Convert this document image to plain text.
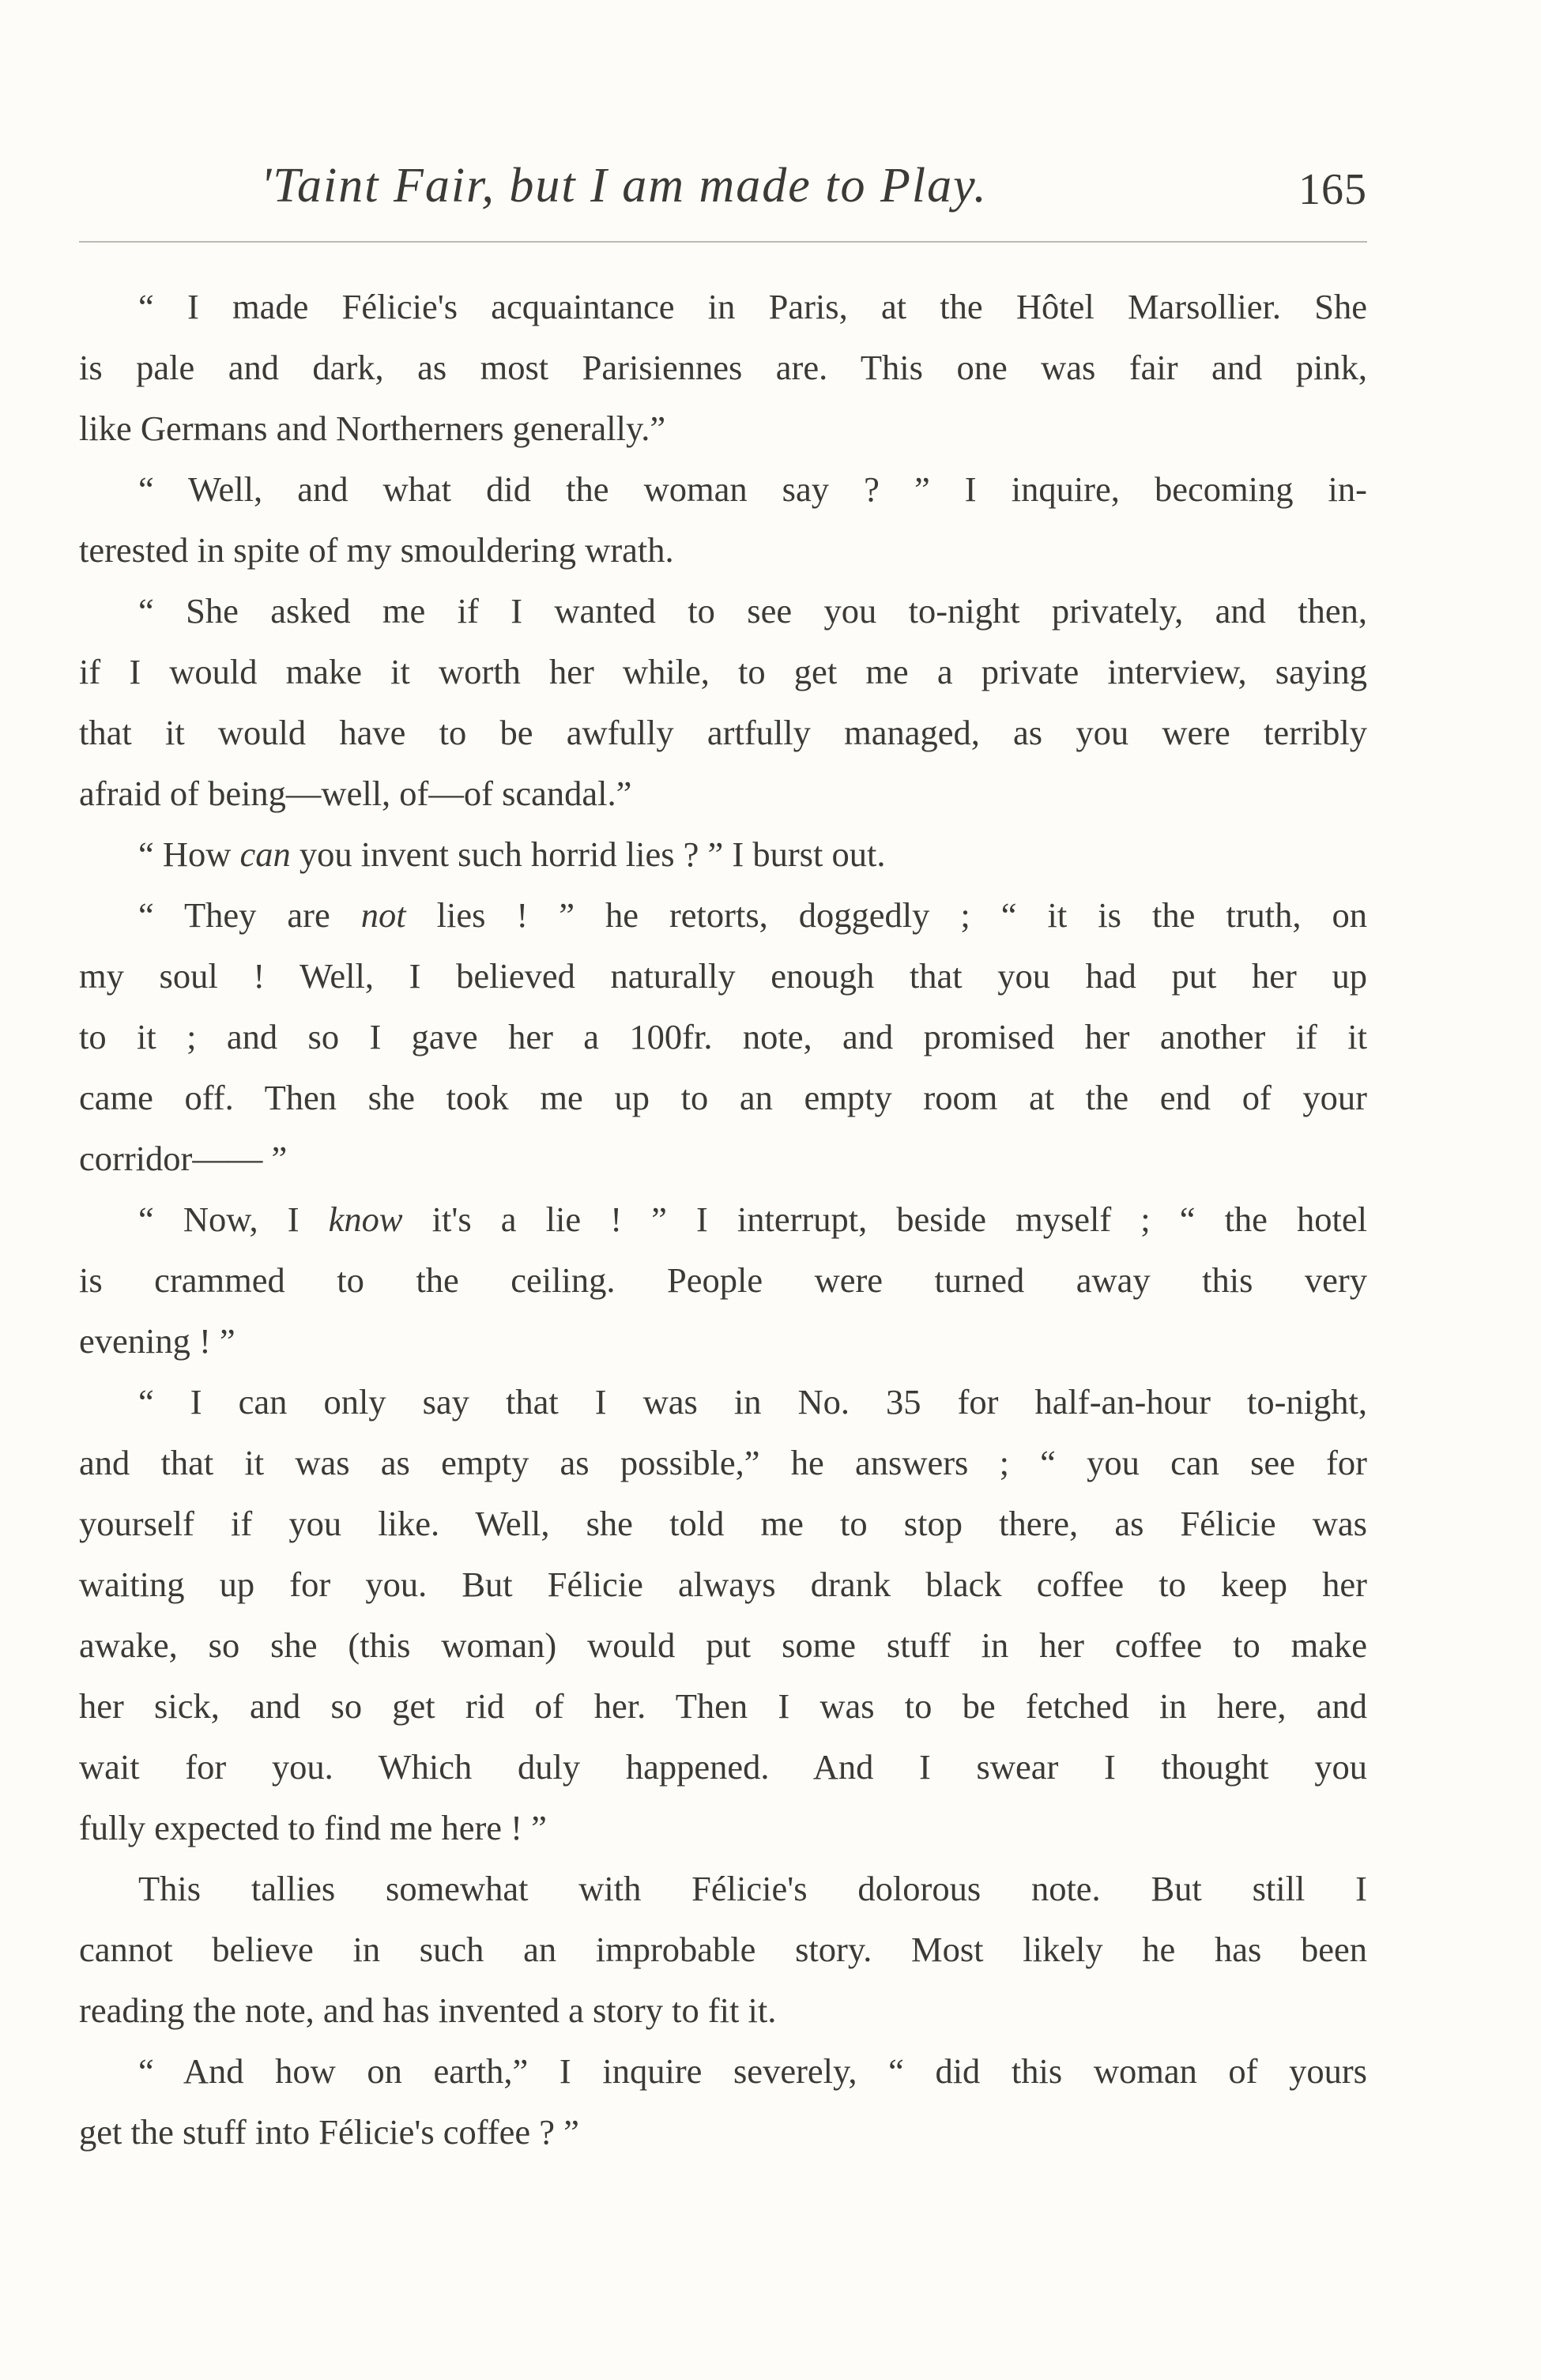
'Taint Fair, but I am made to Play.	165
“ I made Félicie's acquaintance in Paris, at the Hôtel Marsollier. She
is pale and dark, as most Parisiennes are. This one was fair and pink,
like Germans and Northerners generally.”
“ Well, and what did the woman say ? ” I inquire, becoming in-
terested in spite of my smouldering wrath.
“ She asked me if I wanted to see you to-night privately, and then,
if I would make it worth her while, to get me a private interview, saying
that it would have to be awfully artfully managed, as you were terribly
afraid of being—well, of—of scandal.”
“ How can you invent such horrid lies ? ” I burst out.
“ They are not lies ! ” he retorts, doggedly ; “ it is the truth, on
my soul ! Well, I believed naturally enough that you had put her up
to it ; and so I gave her a 100fr. note, and promised her another if it
came off. Then she took me up to an empty room at the end of your
corridor—— ”
“ Now, I know it's a lie ! ” I interrupt, beside myself ; “ the hotel
is crammed to the ceiling. People were turned away this very
evening ! ”
“ I can only say that I was in No. 35 for half-an-hour to-night,
and that it was as empty as possible,” he answers ; “ you can see for
yourself if you like. Well, she told me to stop there, as Félicie was
waiting up for you. But Félicie always drank black coffee to keep her
awake, so she (this woman) would put some stuff in her coffee to make
her sick, and so get rid of her. Then I was to be fetched in here, and
wait for you. Which duly happened. And I swear I thought you
fully expected to find me here ! ”
This tallies somewhat with Félicie's dolorous note. But still I
cannot believe in such an improbable story. Most likely he has been
reading the note, and has invented a story to fit it.
“ And how on earth,” I inquire severely, “ did this woman of yours
get the stuff into Félicie's coffee ? ”
